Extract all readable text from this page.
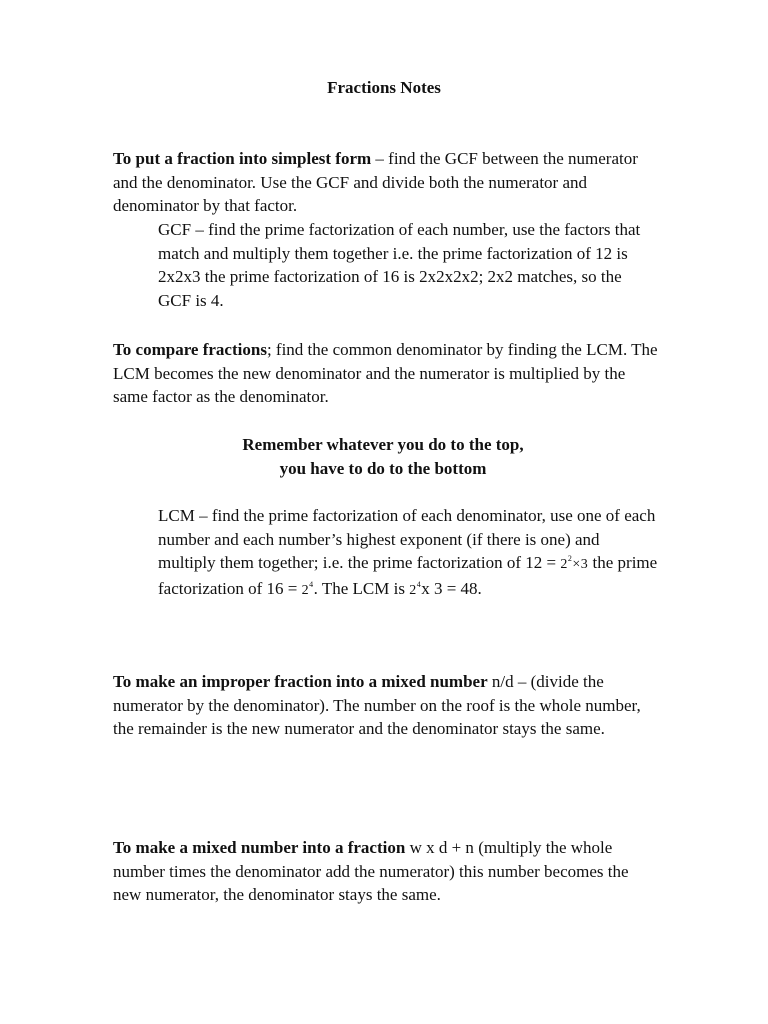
Fractions Notes
To put a fraction into simplest form – find the GCF between the numerator and the denominator. Use the GCF and divide both the numerator and denominator by that factor.
GCF – find the prime factorization of each number, use the factors that match and multiply them together i.e. the prime factorization of 12 is 2x2x3 the prime factorization of 16 is 2x2x2x2; 2x2 matches, so the GCF is 4.
To compare fractions; find the common denominator by finding the LCM. The LCM becomes the new denominator and the numerator is multiplied by the same factor as the denominator.
Remember whatever you do to the top,
you have to do to the bottom
LCM – find the prime factorization of each denominator, use one of each number and each number’s highest exponent (if there is one) and multiply them together; i.e. the prime factorization of $12 = 2^2\times 3$ the prime factorization of $16 = 2^4$. The LCM is $2^4x$ 3 = 48.
To make an improper fraction into a mixed number n/d – (divide the numerator by the denominator). The number on the roof is the whole number, the remainder is the new numerator and the denominator stays the same.
To make a mixed number into a fraction w x d + n (multiply the whole number times the denominator add the numerator) this number becomes the new numerator, the denominator stays the same.
